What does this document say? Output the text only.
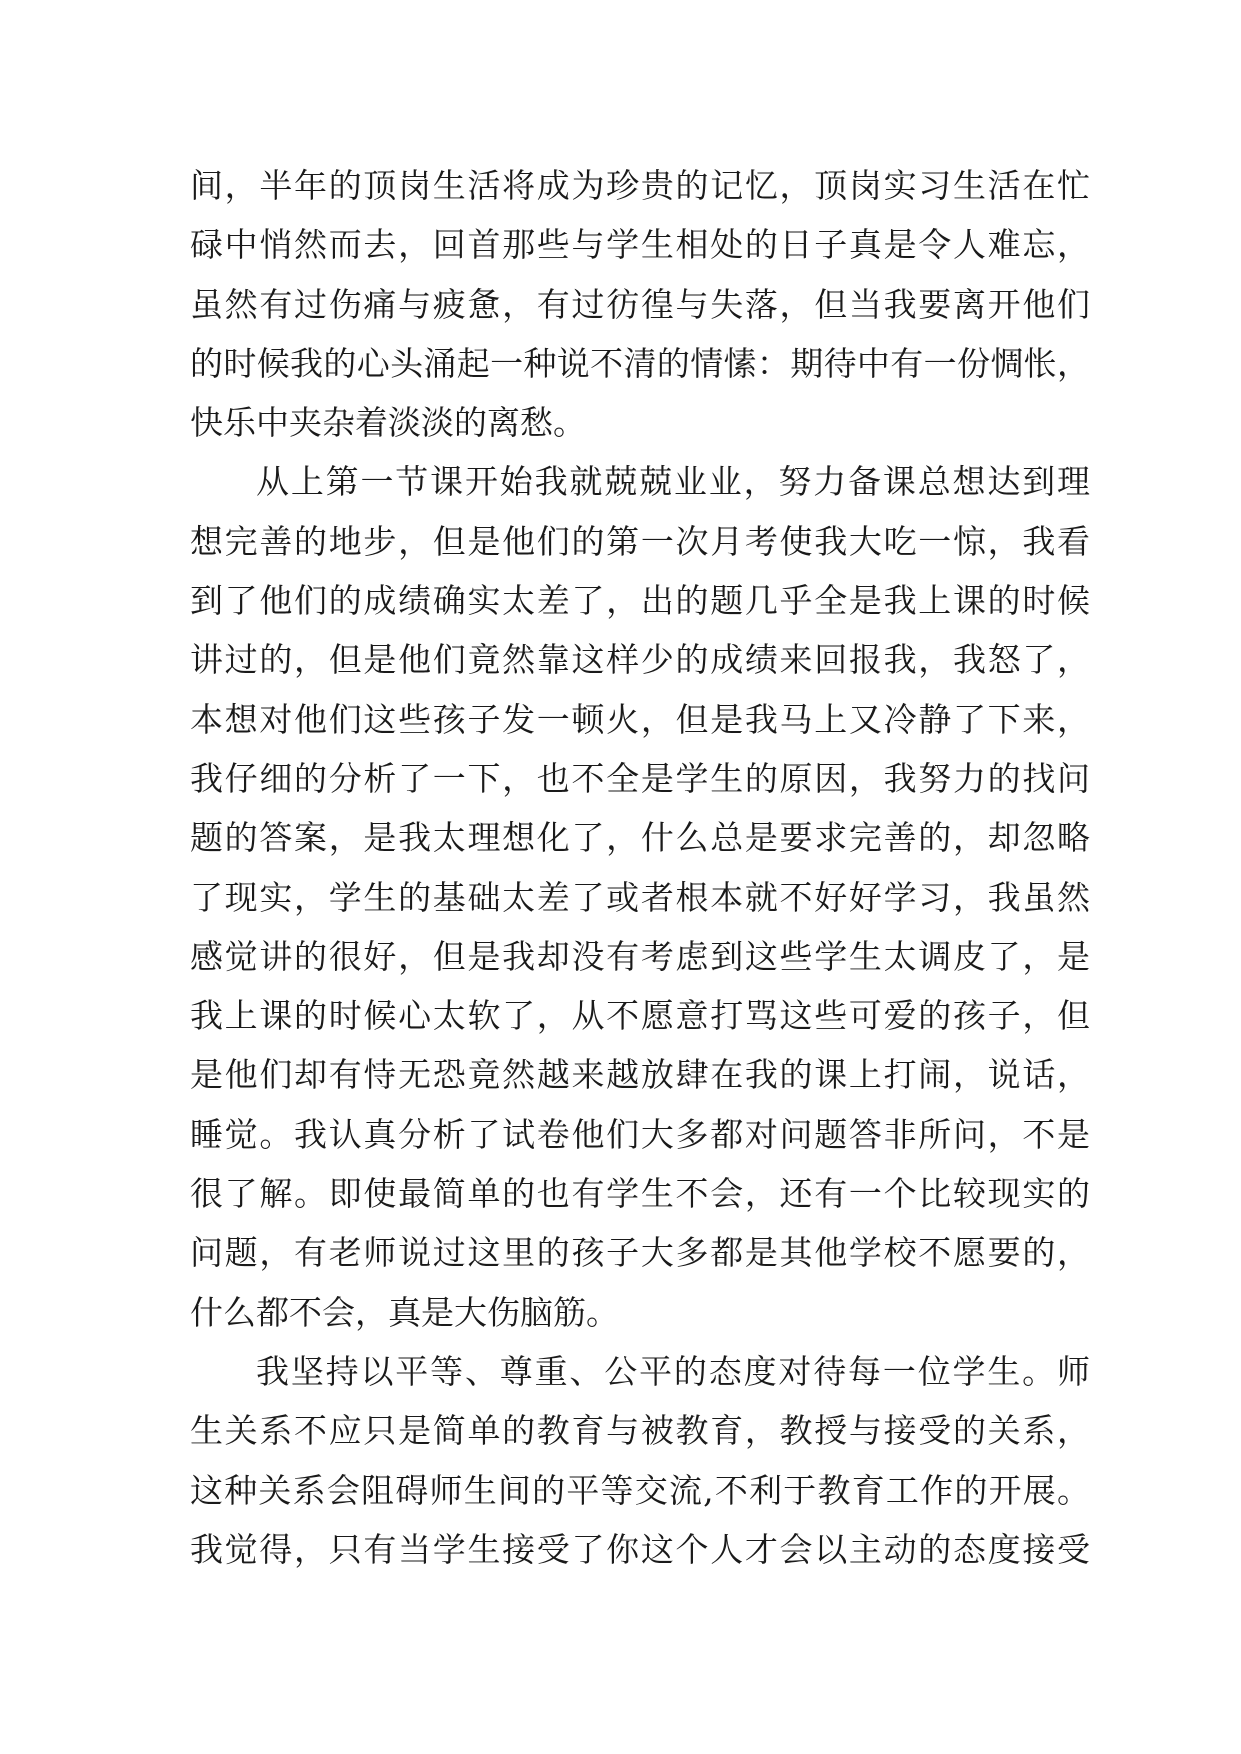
间，半年的顶岗生活将成为珍贵的记忆，顶岗实习生活在忙
碌中悄然而去，回首那些与学生相处的日子真是令人难忘，
虽然有过伤痛与疲惫，有过彷徨与失落，但当我要离开他们
的时候我的心头涌起一种说不清的情愫：期待中有一份惆怅，
快乐中夹杂着淡淡的离愁。
从上第一节课开始我就兢兢业业，努力备课总想达到理
想完善的地步，但是他们的第一次月考使我大吃一惊，我看
到了他们的成绩确实太差了，出的题几乎全是我上课的时候
讲过的，但是他们竟然靠这样少的成绩来回报我，我怒了，
本想对他们这些孩子发一顿火，但是我马上又冷静了下来，
我仔细的分析了一下，也不全是学生的原因，我努力的找问
题的答案，是我太理想化了，什么总是要求完善的，却忽略
了现实，学生的基础太差了或者根本就不好好学习，我虽然
感觉讲的很好，但是我却没有考虑到这些学生太调皮了，是
我上课的时候心太软了，从不愿意打骂这些可爱的孩子，但
是他们却有恃无恐竟然越来越放肆在我的课上打闹，说话，
睡觉。我认真分析了试卷他们大多都对问题答非所问，不是
很了解。即使最简单的也有学生不会，还有一个比较现实的
问题，有老师说过这里的孩子大多都是其他学校不愿要的，
什么都不会，真是大伤脑筋。
我坚持以平等、尊重、公平的态度对待每一位学生。师
生关系不应只是简单的教育与被教育，教授与接受的关系，
这种关系会阻碍师生间的平等交流,不利于教育工作的开展。
我觉得，只有当学生接受了你这个人才会以主动的态度接受
